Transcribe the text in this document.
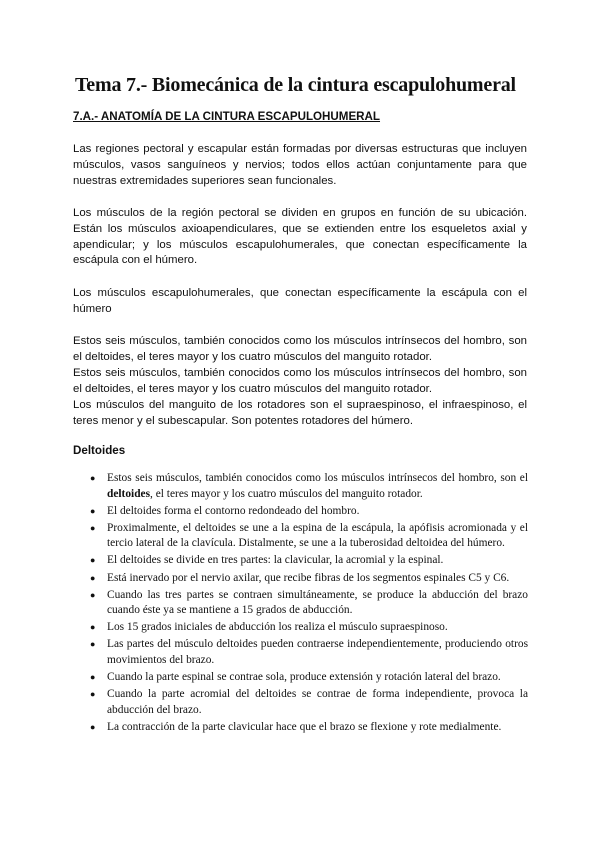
Tema 7.- Biomecánica de la cintura escapulohumeral
7.A.- ANATOMÍA DE LA CINTURA ESCAPULOHUMERAL

Las regiones pectoral y escapular están formadas por diversas estructuras que incluyen músculos, vasos sanguíneos y nervios; todos ellos actúan conjuntamente para que nuestras extremidades superiores sean funcionales.

Los músculos de la región pectoral se dividen en grupos en función de su ubicación. Están los músculos axioapendiculares, que se extienden entre los esqueletos axial y apendicular; y los músculos escapulohumerales, que conectan específicamente la escápula con el húmero.

Los músculos escapulohumerales, que conectan específicamente la escápula con el húmero

Estos seis músculos, también conocidos como los músculos intrínsecos del hombro, son el deltoides, el teres mayor y los cuatro músculos del manguito rotador.

Estos seis músculos, también conocidos como los músculos intrínsecos del hombro, son el deltoides, el teres mayor y los cuatro músculos del manguito rotador.

Los músculos del manguito de los rotadores son el supraespinoso, el infraespinoso, el teres menor y el subescapular. Son potentes rotadores del húmero.

Deltoides
● Estos seis músculos, también conocidos como los músculos intrínsecos del hombro, son el deltoides, el teres mayor y los cuatro músculos del manguito rotador.
● El deltoides forma el contorno redondeado del hombro.
● Proximalmente, el deltoides se une a la espina de la escápula, la apófisis acromionada y el tercio lateral de la clavícula. Distalmente, se une a la tuberosidad deltoidea del húmero.
● El deltoides se divide en tres partes: la clavicular, la acromial y la espinal.
● Está inervado por el nervio axilar, que recibe fibras de los segmentos espinales C5 y C6.
● Cuando las tres partes se contraen simultáneamente, se produce la abducción del brazo cuando éste ya se mantiene a 15 grados de abducción.
● Los 15 grados iniciales de abducción los realiza el músculo supraespinoso.
● Las partes del músculo deltoides pueden contraerse independientemente, produciendo otros movimientos del brazo.
● Cuando la parte espinal se contrae sola, produce extensión y rotación lateral del brazo.
● Cuando la parte acromial del deltoides se contrae de forma independiente, provoca la abducción del brazo.
● La contracción de la parte clavicular hace que el brazo se flexione y rote medialmente.
